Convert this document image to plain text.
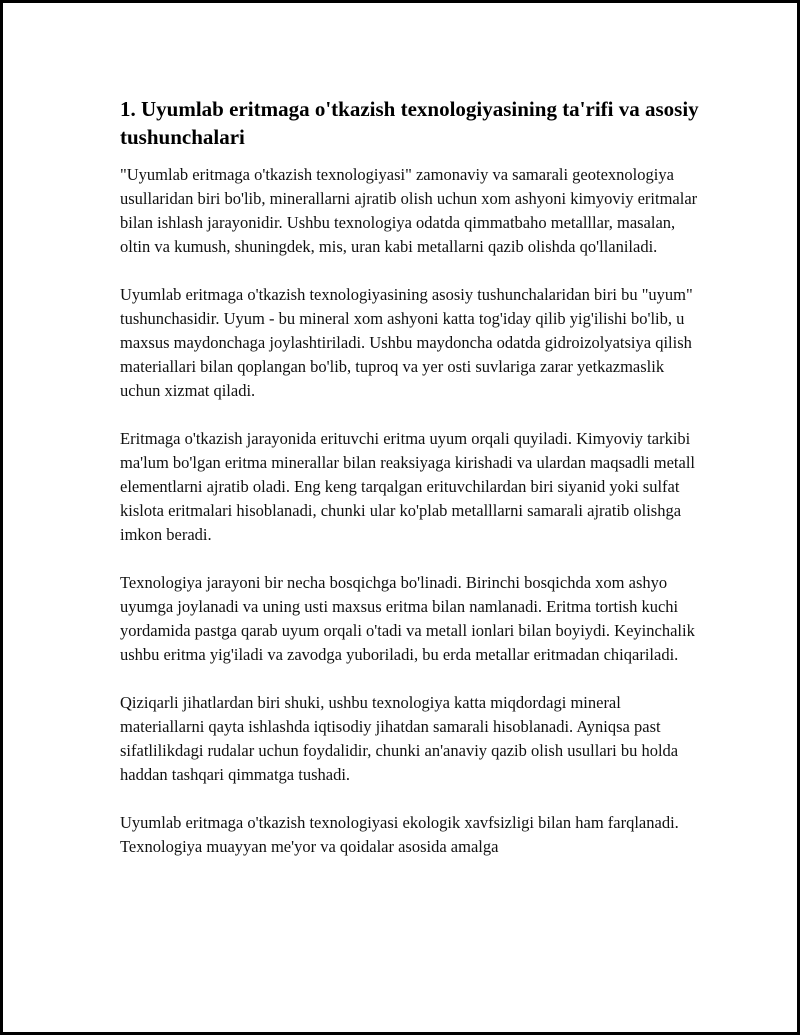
1. Uyumlab eritmaga o'tkazish texnologiyasining ta'rifi va asosiy tushunchalari

"Uyumlab eritmaga o'tkazish texnologiyasi" zamonaviy va samarali geotexnologiya usullaridan biri bo'lib, minerallarni ajratib olish uchun xom ashyoni kimyoviy eritmalar bilan ishlash jarayonidir. Ushbu texnologiya odatda qimmatbaho metalllar, masalan, oltin va kumush, shuningdek, mis, uran kabi metallarni qazib olishda qo'llaniladi.

Uyumlab eritmaga o'tkazish texnologiyasining asosiy tushunchalaridan biri bu "uyum" tushunchasidir. Uyum - bu mineral xom ashyoni katta tog'iday qilib yig'ilishi bo'lib, u maxsus maydonchaga joylashtiriladi. Ushbu maydoncha odatda gidroizolyatsiya qilish materiallari bilan qoplangan bo'lib, tuproq va yer osti suvlariga zarar yetkazmaslik uchun xizmat qiladi.

Eritmaga o'tkazish jarayonida erituvchi eritma uyum orqali quyiladi. Kimyoviy tarkibi ma'lum bo'lgan eritma minerallar bilan reaksiyaga kirishadi va ulardan maqsadli metall elementlarni ajratib oladi. Eng keng tarqalgan erituvchilardan biri siyanid yoki sulfat kislota eritmalari hisoblanadi, chunki ular ko'plab metalllarni samarali ajratib olishga imkon beradi.

Texnologiya jarayoni bir necha bosqichga bo'linadi. Birinchi bosqichda xom ashyo uyumga joylanadi va uning usti maxsus eritma bilan namlanadi. Eritma tortish kuchi yordamida pastga qarab uyum orqali o'tadi va metall ionlari bilan boyiydi. Keyinchalik ushbu eritma yig'iladi va zavodga yuboriladi, bu erda metallar eritmadan chiqariladi.

Qiziqarli jihatlardan biri shuki, ushbu texnologiya katta miqdordagi mineral materiallarni qayta ishlashda iqtisodiy jihatdan samarali hisoblanadi. Ayniqsa past sifatlilikdagi rudalar uchun foydalidir, chunki an'anaviy qazib olish usullari bu holda haddan tashqari qimmatga tushadi.

Uyumlab eritmaga o'tkazish texnologiyasi ekologik xavfsizligi bilan ham farqlanadi. Texnologiya muayyan me'yor va qoidalar asosida amalga
